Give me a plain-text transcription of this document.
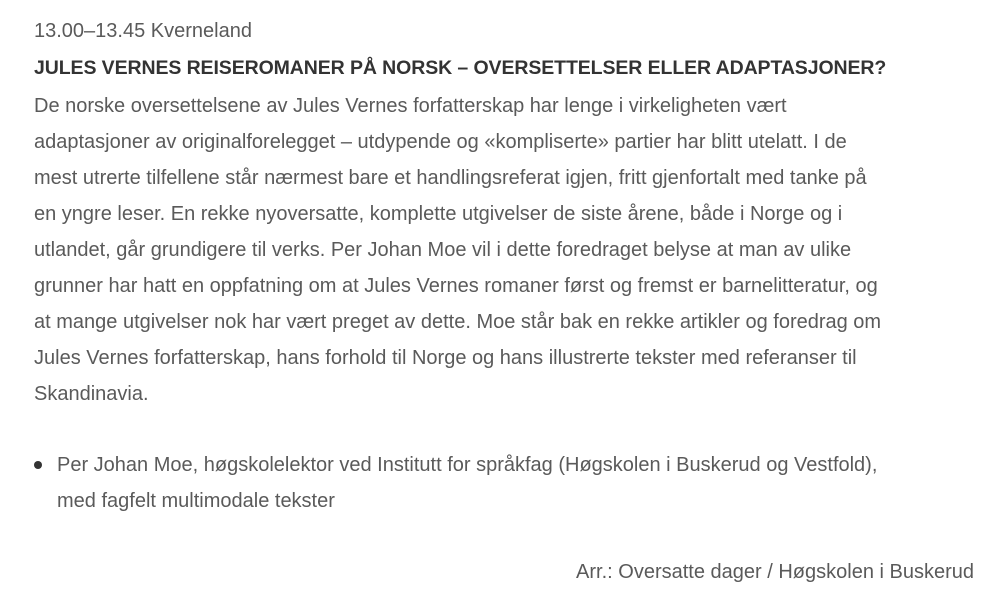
13.00–13.45 Kverneland
JULES VERNES REISEROMANER PÅ NORSK – OVERSETTELSER ELLER ADAPTASJONER?

De norske oversettelsene av Jules Vernes forfatterskap har lenge i virkeligheten vært
adaptasjoner av originalforelegget – utdypende og «kompliserte» partier har blitt utelatt. I de
mest utrerte tilfellene står nærmest bare et handlingsreferat igjen, fritt gjenfortalt med tanke på
en yngre leser. En rekke nyoversatte, komplette utgivelser de siste årene, både i Norge og i
utlandet, går grundigere til verks. Per Johan Moe vil i dette foredraget belyse at man av ulike
grunner har hatt en oppfatning om at Jules Vernes romaner først og fremst er barnelitteratur, og
at mange utgivelser nok har vært preget av dette. Moe står bak en rekke artikler og foredrag om
Jules Vernes forfatterskap, hans forhold til Norge og hans illustrerte tekster med referanser til
Skandinavia.

Per Johan Moe, høgskolelektor ved Institutt for språkfag (Høgskolen i Buskerud og Vestfold),
med fagfelt multimodale tekster
Arr.: Oversatte dager / Høgskolen i Buskerud
